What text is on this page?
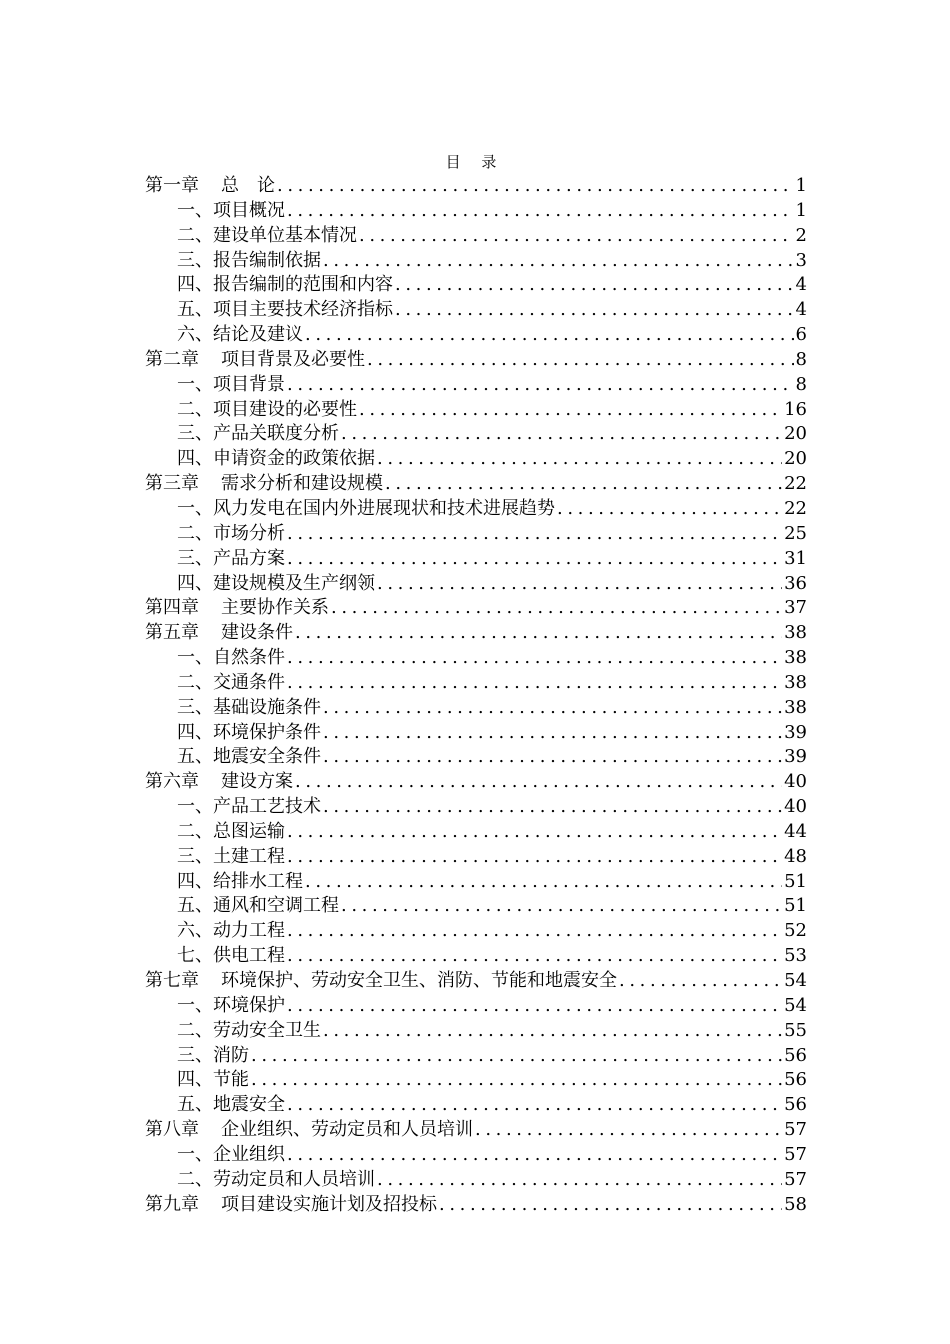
目 录
第一章 总　论 .....	1
一、项目概况 .....	1
二、建设单位基本情况 .....	2
三、报告编制依据 .....	3
四、报告编制的范围和内容 .....	4
五、项目主要技术经济指标 .....	4
六、结论及建议 .....	6
第二章 项目背景及必要性 .....	8
一、项目背景 .....	8
二、项目建设的必要性 .....	16
三、产品关联度分析 .....	20
四、申请资金的政策依据 .....	20
第三章 需求分析和建设规模 .....	22
一、风力发电在国内外进展现状和技术进展趋势 .....	22
二、市场分析 .....	25
三、产品方案 .....	31
四、建设规模及生产纲领 .....	36
第四章 主要协作关系 .....	37
第五章 建设条件 .....	38
一、自然条件 .....	38
二、交通条件 .....	38
三、基础设施条件 .....	38
四、环境保护条件 .....	39
五、地震安全条件 .....	39
第六章 建设方案 .....	40
一、产品工艺技术 .....	40
二、总图运输 .....	44
三、土建工程 .....	48
四、给排水工程 .....	51
五、通风和空调工程 .....	51
六、动力工程 .....	52
七、供电工程 .....	53
第七章 环境保护、劳动安全卫生、消防、节能和地震安全 .....	54
一、环境保护 .....	54
二、劳动安全卫生 .....	55
三、消防 .....	56
四、节能 .....	56
五、地震安全 .....	56
第八章 企业组织、劳动定员和人员培训 .....	57
一、企业组织 .....	57
二、劳动定员和人员培训 .....	57
第九章 项目建设实施计划及招投标 .....	58
